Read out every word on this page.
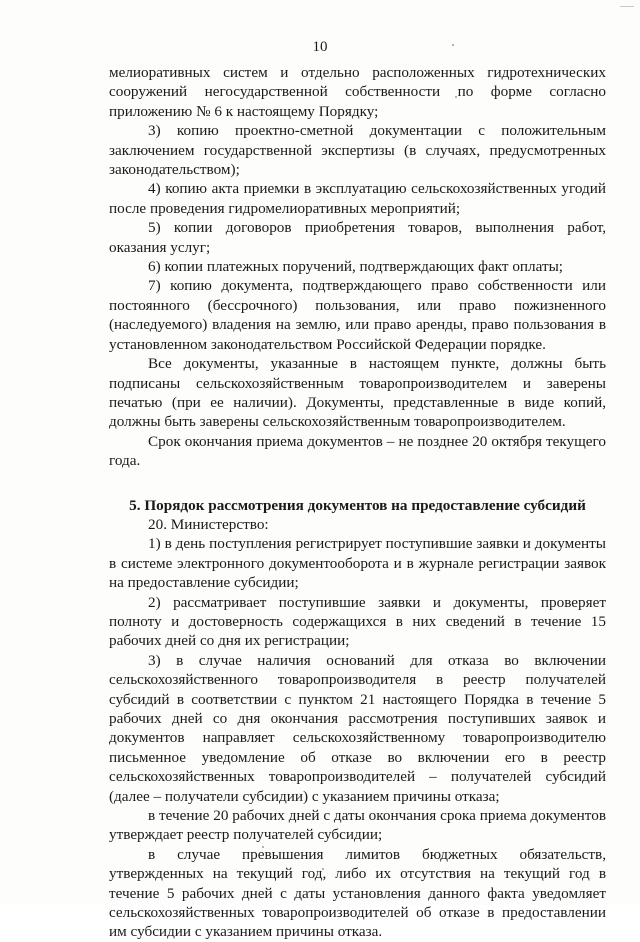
10

мелиоративных систем и отдельно расположенных гидротехнических сооружений негосударственной собственности по форме согласно приложению № 6 к настоящему Порядку;

3) копию проектно-сметной документации с положительным заключением государственной экспертизы (в случаях, предусмотренных законодательством);

4) копию акта приемки в эксплуатацию сельскохозяйственных угодий после проведения гидромелиоративных мероприятий;

5) копии договоров приобретения товаров, выполнения работ, оказания услуг;

6) копии платежных поручений, подтверждающих факт оплаты;

7) копию документа, подтверждающего право собственности или постоянного (бессрочного) пользования, или право пожизненного (наследуемого) владения на землю, или право аренды, право пользования в установленном законодательством Российской Федерации порядке.

Все документы, указанные в настоящем пункте, должны быть подписаны сельскохозяйственным товаропроизводителем и заверены печатью (при ее наличии). Документы, представленные в виде копий, должны быть заверены сельскохозяйственным товаропроизводителем.

Срок окончания приема документов – не позднее 20 октября текущего года.

5. Порядок рассмотрения документов на предоставление субсидий

20. Министерство:

1) в день поступления регистрирует поступившие заявки и документы в системе электронного документооборота и в журнале регистрации заявок на предоставление субсидии;

2) рассматривает поступившие заявки и документы, проверяет полноту и достоверность содержащихся в них сведений в течение 15 рабочих дней со дня их регистрации;

3) в случае наличия оснований для отказа во включении сельскохозяйственного товаропроизводителя в реестр получателей субсидий в соответствии с пунктом 21 настоящего Порядка в течение 5 рабочих дней со дня окончания рассмотрения поступивших заявок и документов направляет сельскохозяйственному товаропроизводителю письменное уведомление об отказе во включении его в реестр сельскохозяйственных товаропроизводителей – получателей субсидий (далее – получатели субсидии) с указанием причины отказа;

в течение 20 рабочих дней с даты окончания срока приема документов утверждает реестр получателей субсидии;

в случае превышения лимитов бюджетных обязательств, утвержденных на текущий год, либо их отсутствия на текущий год в течение 5 рабочих дней с даты установления данного факта уведомляет сельскохозяйственных товаропроизводителей об отказе в предоставлении им субсидии с указанием причины отказа.
